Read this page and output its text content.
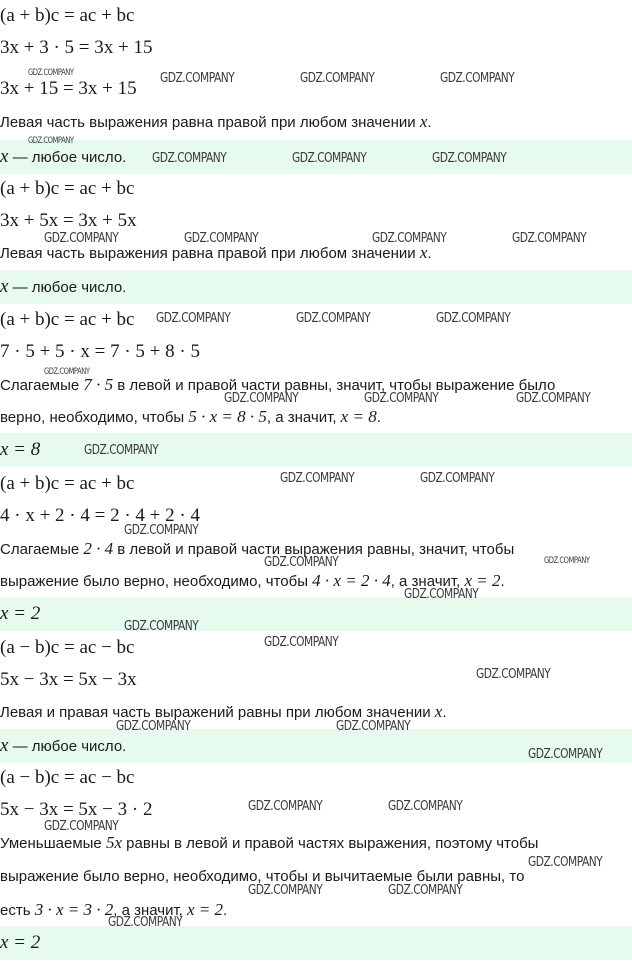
(a + b)c = ac + bc
3x + 3 · 5 = 3x + 15
3x + 15 = 3x + 15
Левая часть выражения равна правой при любом значении x.
x — любое число.
(a + b)c = ac + bc
3x + 5x = 3x + 5x
Левая часть выражения равна правой при любом значении x.
x — любое число.
(a + b)c = ac + bc
7 · 5 + 5 · x = 7 · 5 + 8 · 5
Слагаемые 7 · 5 в левой и правой части равны, значит, чтобы выражение было
верно, необходимо, чтобы 5 · x = 8 · 5, а значит, x = 8.
x = 8
(a + b)c = ac + bc
4 · x + 2 · 4 = 2 · 4 + 2 · 4
Слагаемые 2 · 4 в левой и правой части выражения равны, значит, чтобы
выражение было верно, необходимо, чтобы 4 · x = 2 · 4, а значит, x = 2.
x = 2
(a − b)c = ac − bc
5x − 3x = 5x − 3x
Левая и правая часть выражений равны при любом значении x.
x — любое число.
(a − b)c = ac − bc
5x − 3x = 5x − 3 · 2
Уменьшаемые 5x равны в левой и правой частях выражения, поэтому чтобы
выражение было верно, необходимо, чтобы и вычитаемые были равны, то
есть 3 · x = 3 · 2, а значит, x = 2.
x = 2
GDZ.COMPANY	GDZ.COMPANY	GDZ.COMPANY	GDZ.COMPANY
GDZ.COMPANY
GDZ.COMPANY	GDZ.COMPANY	GDZ.COMPANY
GDZ.COMPANY	GDZ.COMPANY	GDZ.COMPANY	GDZ.COMPANY
GDZ.COMPANY	GDZ.COMPANY	GDZ.COMPANY
GDZ.COMPANY
GDZ.COMPANY	GDZ.COMPANY	GDZ.COMPANY
GDZ.COMPANY
GDZ.COMPANY	GDZ.COMPANY
GDZ.COMPANY
GDZ.COMPANY	GDZ.COMPANY
GDZ.COMPANY
GDZ.COMPANY
GDZ.COMPANY
GDZ.COMPANY
GDZ.COMPANY	GDZ.COMPANY
GDZ.COMPANY
GDZ.COMPANY	GDZ.COMPANY
GDZ.COMPANY
GDZ.COMPANY
GDZ.COMPANY	GDZ.COMPANY
GDZ.COMPANY
